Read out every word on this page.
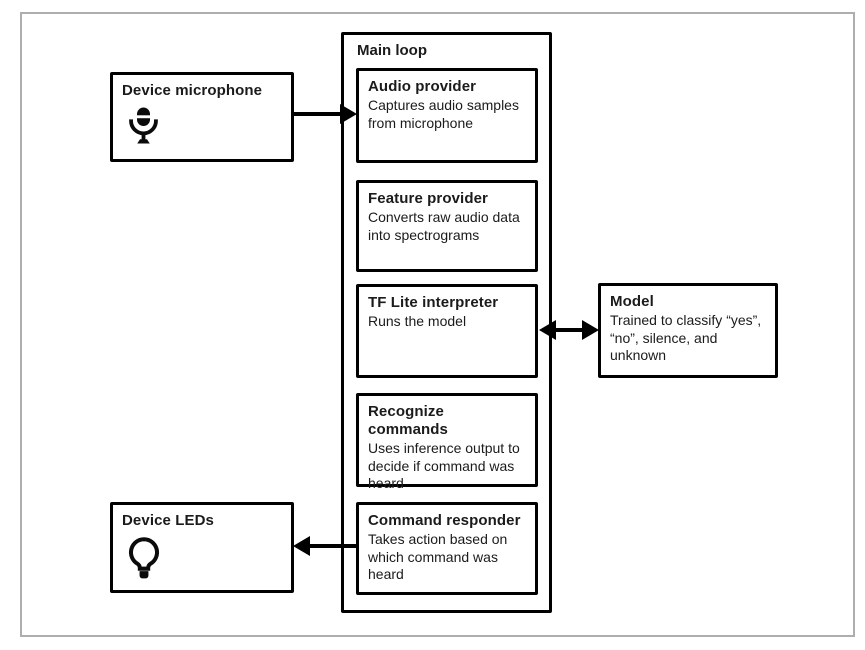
Device microphone
Device LEDs
Main loop
Audio provider
Captures audio samples from microphone
Feature provider
Converts raw audio data into spectrograms
TF Lite interpreter
Runs the model
Recognize commands
Uses inference output to decide if command was heard
Command responder
Takes action based on which command was heard
Model
Trained to classify “yes”, “no”, silence, and unknown
